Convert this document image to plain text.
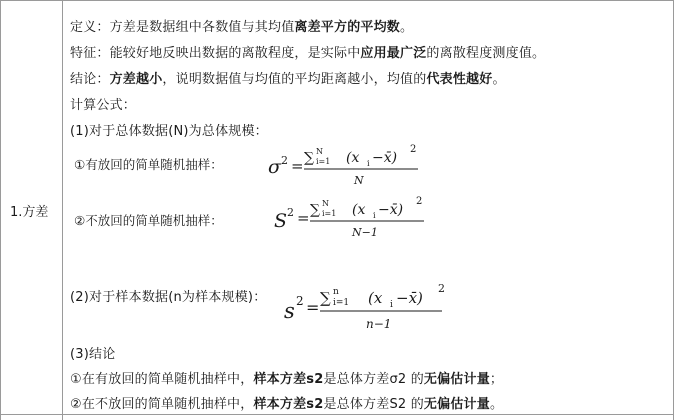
1.方差
定义：方差是数据组中各数值与其均值离差平方的平均数。
特征：能较好地反映出数据的离散程度，是实际中应用最广泛的离散程度测度值。
结论：方差越小，说明数据值与均值的平均距离越小，均值的代表性越好。
计算公式：
(1)对于总体数据(N)为总体规模：
①有放回的简单随机抽样： σ 2 = ∑ N
i=1 (x i −x̄)
2
N
②不放回的简单随机抽样：	S 2 = ∑ N
i=1 (x i −x̄)
2
N−1
(2)对于样本数据(n为样本规模)：
s 2 = ∑ n
i=1 (x i −x̄)
2
n−1
(3)结论
①在有放回的简单随机抽样中，样本方差s2是总体方差σ2 的无偏估计量；
②在不放回的简单随机抽样中，样本方差s2是总体方差S2 的无偏估计量。
